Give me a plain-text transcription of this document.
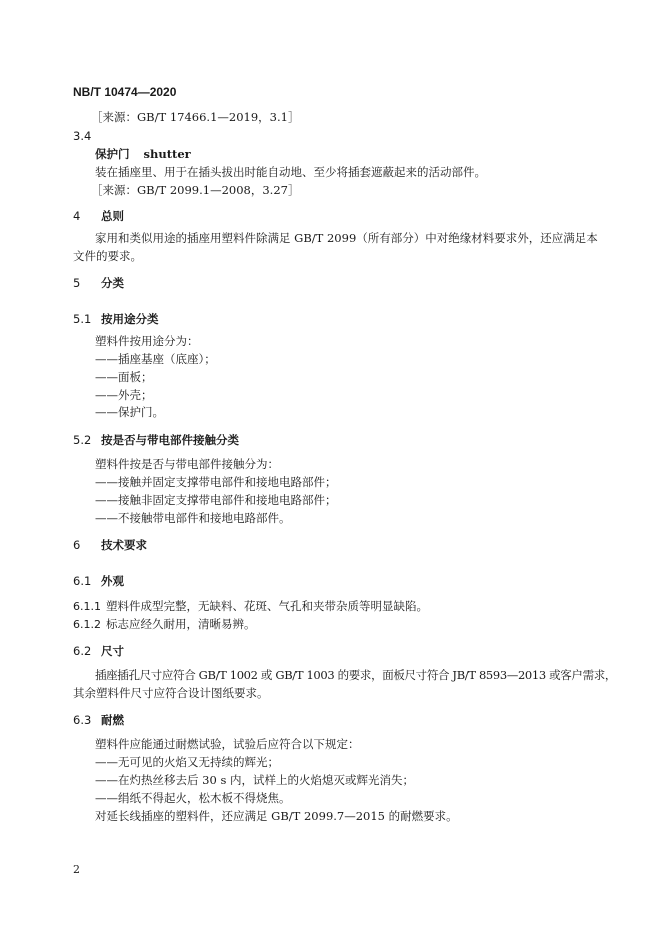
NB/T 10474—2020
［来源：GB/T 17466.1—2019，3.1］
3.4
保护门 shutter
装在插座里、用于在插头拔出时能自动地、至少将插套遮蔽起来的活动部件。
［来源：GB/T 2099.1—2008，3.27］
4 总则
家用和类似用途的插座用塑料件除满足 GB/T 2099（所有部分）中对绝缘材料要求外，还应满足本
文件的要求。
5 分类
5.1 按用途分类
塑料件按用途分为：
——插座基座（底座）；
——面板；
——外壳；
——保护门。
5.2 按是否与带电部件接触分类
塑料件按是否与带电部件接触分为：
——接触并固定支撑带电部件和接地电路部件；
——接触非固定支撑带电部件和接地电路部件；
——不接触带电部件和接地电路部件。
6 技术要求
6.1 外观
6.1.1 塑料件成型完整，无缺料、花斑、气孔和夹带杂质等明显缺陷。
6.1.2 标志应经久耐用，清晰易辨。
6.2 尺寸
插座插孔尺寸应符合 GB/T 1002 或 GB/T 1003 的要求，面板尺寸符合 JB/T 8593—2013 或客户需求，
其余塑料件尺寸应符合设计图纸要求。
6.3 耐燃
塑料件应能通过耐燃试验，试验后应符合以下规定：
——无可见的火焰又无持续的辉光；
——在灼热丝移去后 30 s 内，试样上的火焰熄灭或辉光消失；
——绢纸不得起火，松木板不得烧焦。
对延长线插座的塑料件，还应满足 GB/T 2099.7—2015 的耐燃要求。
2
